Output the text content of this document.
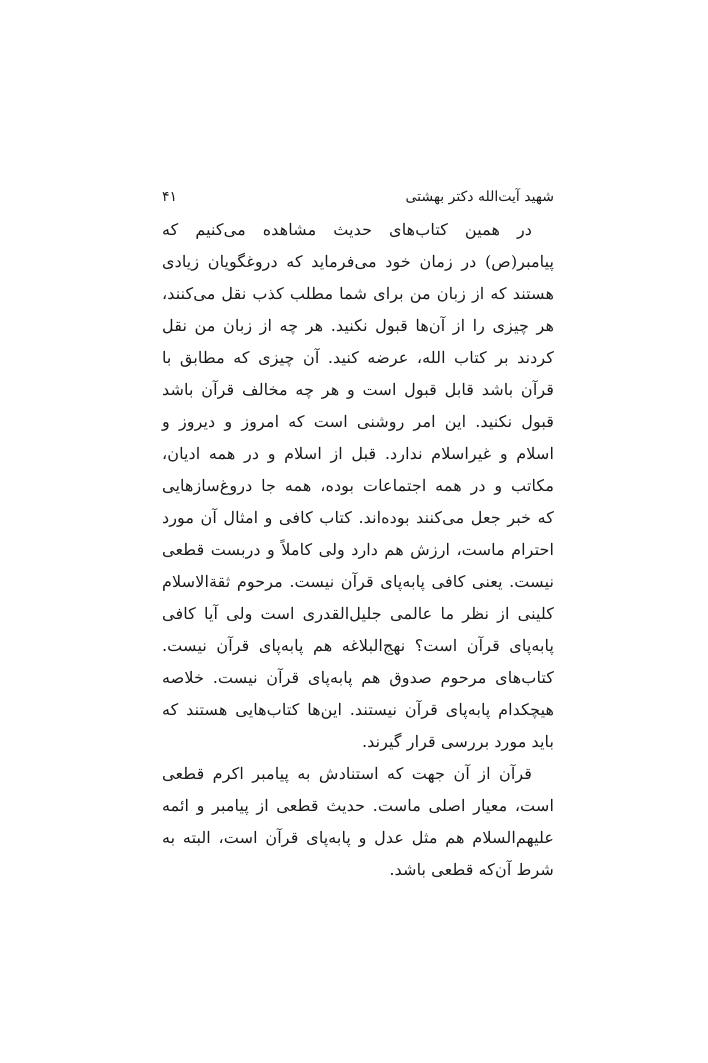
شهید آیت‌الله دکتر بهشتی
۴۱

در همین کتاب‌های حدیث مشاهده می‌کنیم که
پیامبر(ص) در زمان خود می‌فرماید که دروغگویان زیادی
هستند که از زبان من برای شما مطلب کذب نقل می‌کنند،
هر چیزی را از آن‌ها قبول نکنید. هر چه از زبان من نقل
کردند بر کتاب الله، عرضه کنید. آن چیزی که مطابق با
قرآن باشد قابل قبول است و هر چه مخالف قرآن باشد
قبول نکنید. این امر روشنی است که امروز و دیروز و
اسلام و غیراسلام ندارد. قبل از اسلام و در همه ادیان،
مکاتب و در همه اجتماعات بوده، همه جا دروغ‌سازهایی
که خبر جعل می‌کنند بوده‌اند. کتاب کافی و امثال آن مورد
احترام ماست، ارزش هم دارد ولی کاملاً و دربست قطعی
نیست. یعنی کافی پابه‌پای قرآن نیست. مرحوم ثقةالاسلام
کلینی از نظر ما عالمی جلیل‌القدری است ولی آیا کافی
پابه‌پای قرآن است؟ نهج‌البلاغه هم پابه‌پای قرآن نیست.
کتاب‌های مرحوم صدوق هم پابه‌پای قرآن نیست. خلاصه
هیچکدام پابه‌پای قرآن نیستند. این‌ها کتاب‌هایی هستند که
باید مورد بررسی قرار گیرند.

قرآن از آن جهت که استنادش به پیامبر اکرم قطعی
است، معیار اصلی ماست. حدیث قطعی از پیامبر و ائمه
علیهم‌السلام هم مثل عدل و پابه‌پای قرآن است، البته به
شرط آن‌که قطعی باشد.
